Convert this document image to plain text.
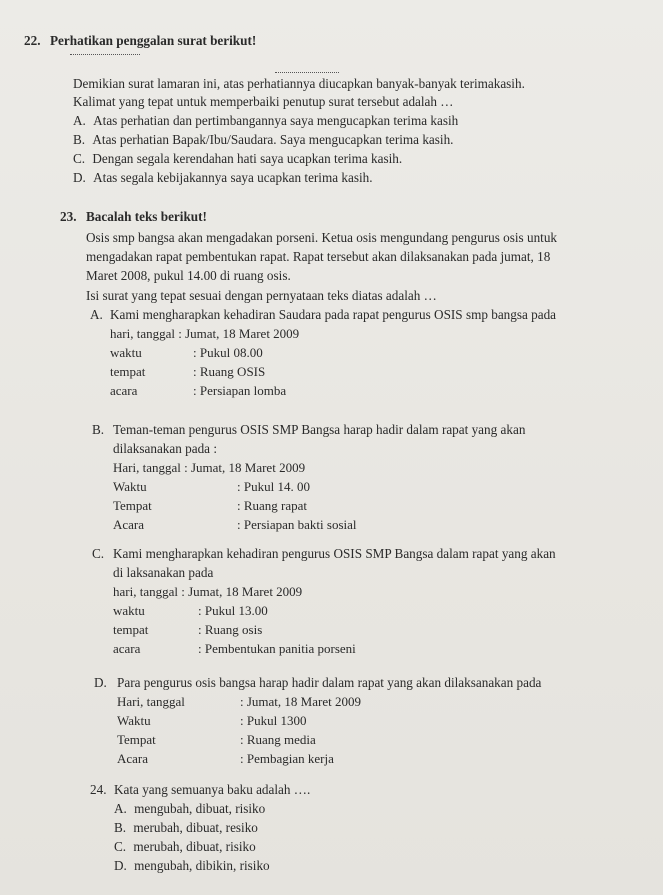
22. Perhatikan penggalan surat berikut!
Demikian surat lamaran ini, atas perhatiannya diucapkan banyak-banyak terimakasih.
Kalimat yang tepat untuk memperbaiki penutup surat tersebut adalah …
A. Atas perhatian dan pertimbangannya saya mengucapkan terima kasih
B. Atas perhatian Bapak/Ibu/Saudara. Saya mengucapkan terima kasih.
C. Dengan segala kerendahan hati saya ucapkan terima kasih.
D. Atas segala kebijakannya saya ucapkan terima kasih.
23. Bacalah teks berikut!
Osis smp bangsa akan mengadakan porseni. Ketua osis mengundang pengurus osis untuk
mengadakan rapat pembentukan rapat. Rapat tersebut akan dilaksanakan pada jumat, 18
Maret 2008, pukul 14.00 di ruang osis.
Isi surat yang tepat sesuai dengan pernyataan teks diatas adalah …
A. Kami mengharapkan kehadiran Saudara pada rapat pengurus OSIS smp bangsa pada
hari, tanggal : Jumat, 18 Maret 2009
waktu	: Pukul 08.00
tempat	: Ruang OSIS
acara	: Persiapan lomba
B. Teman-teman pengurus OSIS SMP Bangsa harap hadir dalam rapat yang akan
dilaksanakan pada :
Hari, tanggal : Jumat, 18 Maret 2009
Waktu	: Pukul 14. 00
Tempat	: Ruang rapat
Acara	: Persiapan bakti sosial
C. Kami mengharapkan kehadiran pengurus OSIS SMP Bangsa dalam rapat yang akan
di laksanakan pada
hari, tanggal : Jumat, 18 Maret 2009
waktu	: Pukul 13.00
tempat	: Ruang osis
acara	: Pembentukan panitia porseni
D. Para pengurus osis bangsa harap hadir dalam rapat yang akan dilaksanakan pada
Hari, tanggal	: Jumat, 18 Maret 2009
Waktu	: Pukul 1300
Tempat	: Ruang media
Acara	: Pembagian kerja
24. Kata yang semuanya baku adalah ….
A. mengubah, dibuat, risiko
B. merubah, dibuat, resiko
C. merubah, dibuat, risiko
D. mengubah, dibikin, risiko
